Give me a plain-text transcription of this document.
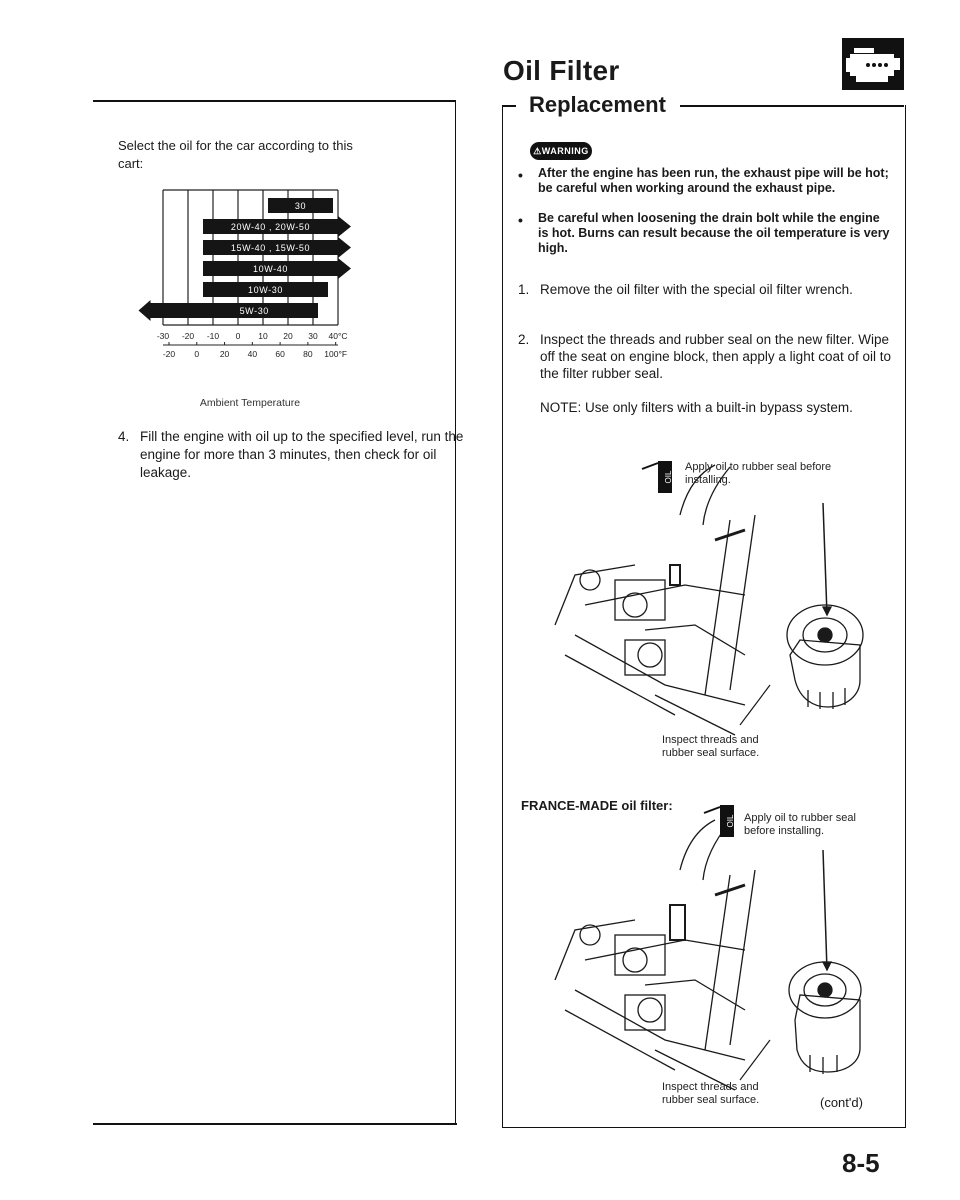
Oil Filter
Select the oil for the car according to this cart:
30
20W-40 , 20W-50
15W-40 , 15W-50
10W-40
10W-30
5W-30
-30 -20 -10 0 10 20 30 40°C
-20 0 20 40 60 80 100°F
Ambient Temperature
4. Fill the engine with oil up to the specified level, run the engine for more than 3 minutes, then check for oil leakage.
Replacement
⚠WARNING
• After the engine has been run, the exhaust pipe will be hot; be careful when working around the exhaust pipe.
• Be careful when loosening the drain bolt while the engine is hot. Burns can result because the oil temperature is very high.
1. Remove the oil filter with the special oil filter wrench.
2. Inspect the threads and rubber seal on the new filter. Wipe off the seat on engine block, then apply a light coat of oil to the filter rubber seal.
NOTE: Use only filters with a built-in bypass system.
OIL
Apply oil to rubber seal before installing.
Inspect threads and rubber seal surface.
FRANCE-MADE oil filter:
OIL Apply oil to rubber seal before installing.
Inspect threads and rubber seal surface.	(cont'd)
8-5
